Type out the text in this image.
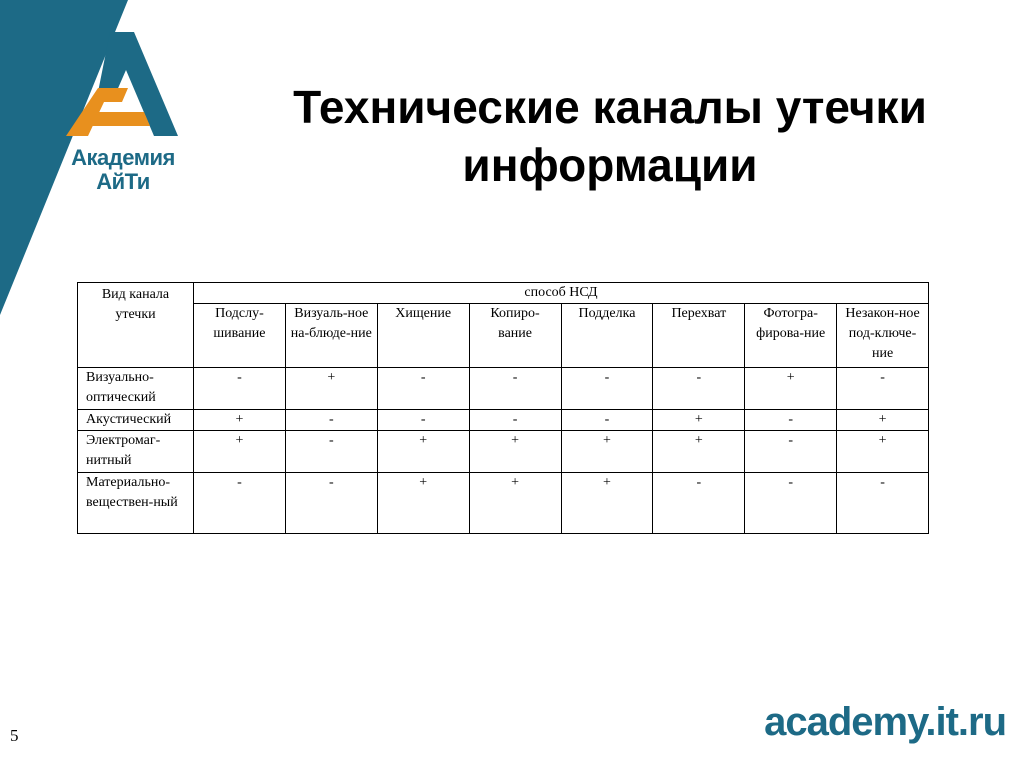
Академия
АйТи
Технические каналы утечки
информации
Вид канала утечки	способ НСД							
	Подслу-шивание	Визуаль-ное на-блюде-ние	Хищение	Копиро-вание	Подделка	Перехват	Фотогра-фирова-ние	Незакон-ное под-ключе-ние
Визуально-оптический	-	+	-	-	-	-	+	-
Акустический	+	-	-	-	-	+	-	+
Электромаг-нитный	+	-	+	+	+	+	-	+
Материально-веществен-ный	-	-	+	+	+	-	-	-
5	academy.it.ru
